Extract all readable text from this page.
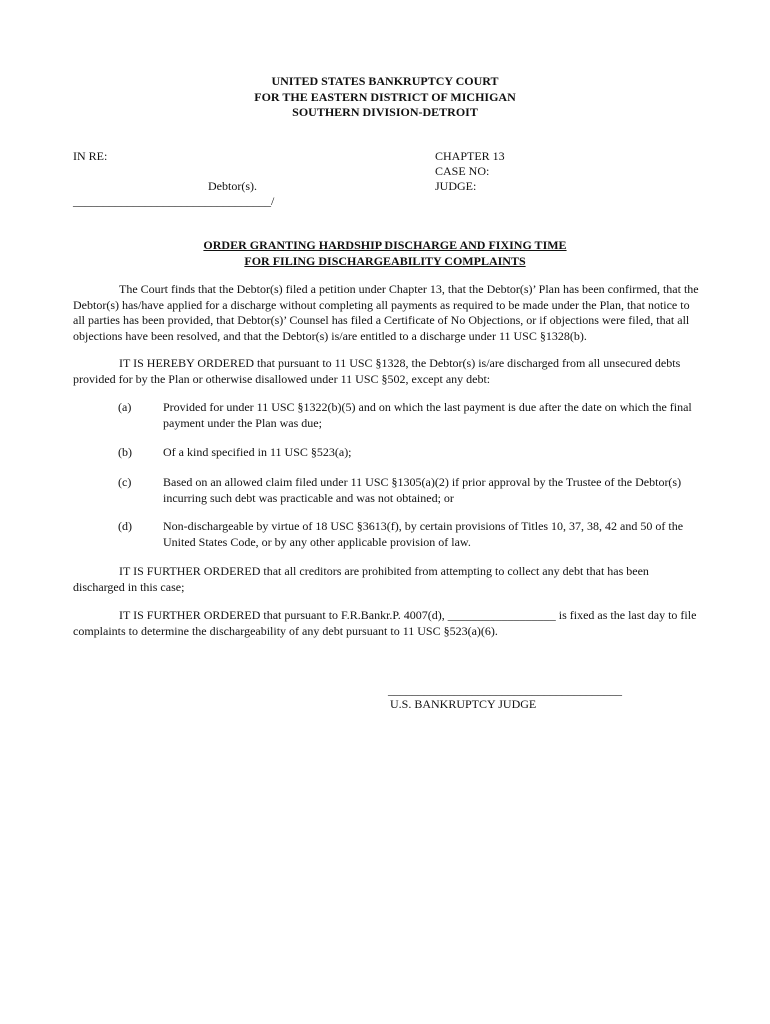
UNITED STATES BANKRUPTCY COURT
FOR THE EASTERN DISTRICT OF MICHIGAN
SOUTHERN DIVISION-DETROIT
IN RE:
Debtor(s).
_________________________________/
CHAPTER 13
CASE NO:
JUDGE:
ORDER GRANTING HARDSHIP DISCHARGE AND FIXING TIME
FOR FILING DISCHARGEABILITY COMPLAINTS
The Court finds that the Debtor(s) filed a petition under Chapter 13, that the Debtor(s)’ Plan has been confirmed, that the Debtor(s) has/have applied for a discharge without completing all payments as required to be made under the Plan, that notice to all parties has been provided, that Debtor(s)’ Counsel has filed a Certificate of No Objections, or if objections were filed, that all objections have been resolved, and that the Debtor(s) is/are entitled to a discharge under 11 USC §1328(b).
IT IS HEREBY ORDERED that pursuant to 11 USC §1328, the Debtor(s) is/are discharged from all unsecured debts provided for by the Plan or otherwise disallowed under 11 USC §502, except any debt:
(a)	Provided for under 11 USC §1322(b)(5) and on which the last payment is due after the date on which the final payment under the Plan was due;
(b)	Of a kind specified in 11 USC §523(a);
(c)	Based on an allowed claim filed under 11 USC §1305(a)(2) if prior approval by the Trustee of the Debtor(s) incurring such debt was practicable and was not obtained; or
(d)	Non-dischargeable by virtue of 18 USC §3613(f), by certain provisions of Titles 10, 37, 38, 42 and 50 of the United States Code, or by any other applicable provision of law.
IT IS FURTHER ORDERED that all creditors are prohibited from attempting to collect any debt that has been discharged in this case;
IT IS FURTHER ORDERED that pursuant to F.R.Bankr.P. 4007(d), __________________ is fixed as the last day to file complaints to determine the dischargeability of any debt pursuant to 11 USC §523(a)(6).
_______________________________________
U.S. BANKRUPTCY JUDGE
